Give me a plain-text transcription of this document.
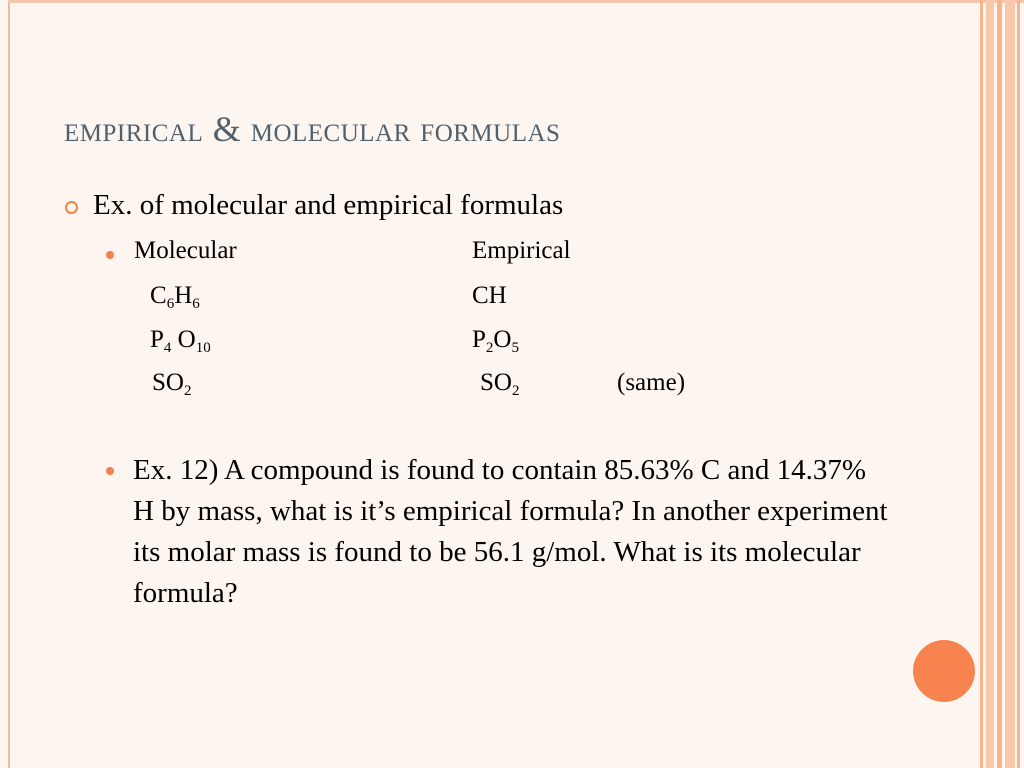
empirical & molecular formulas
Ex. of molecular and empirical formulas
Molecular	Empirical
$C_6H_6$	CH
$P_4$ $O_{10}$	$P_2O_5$
$SO_2$	$SO_2$	(same)
Ex. 12) A compound is found to contain 85.63% C and 14.37% H by mass, what is it’s empirical formula? In another experiment its molar mass is found to be 56.1 g/mol. What is its molecular formula?
